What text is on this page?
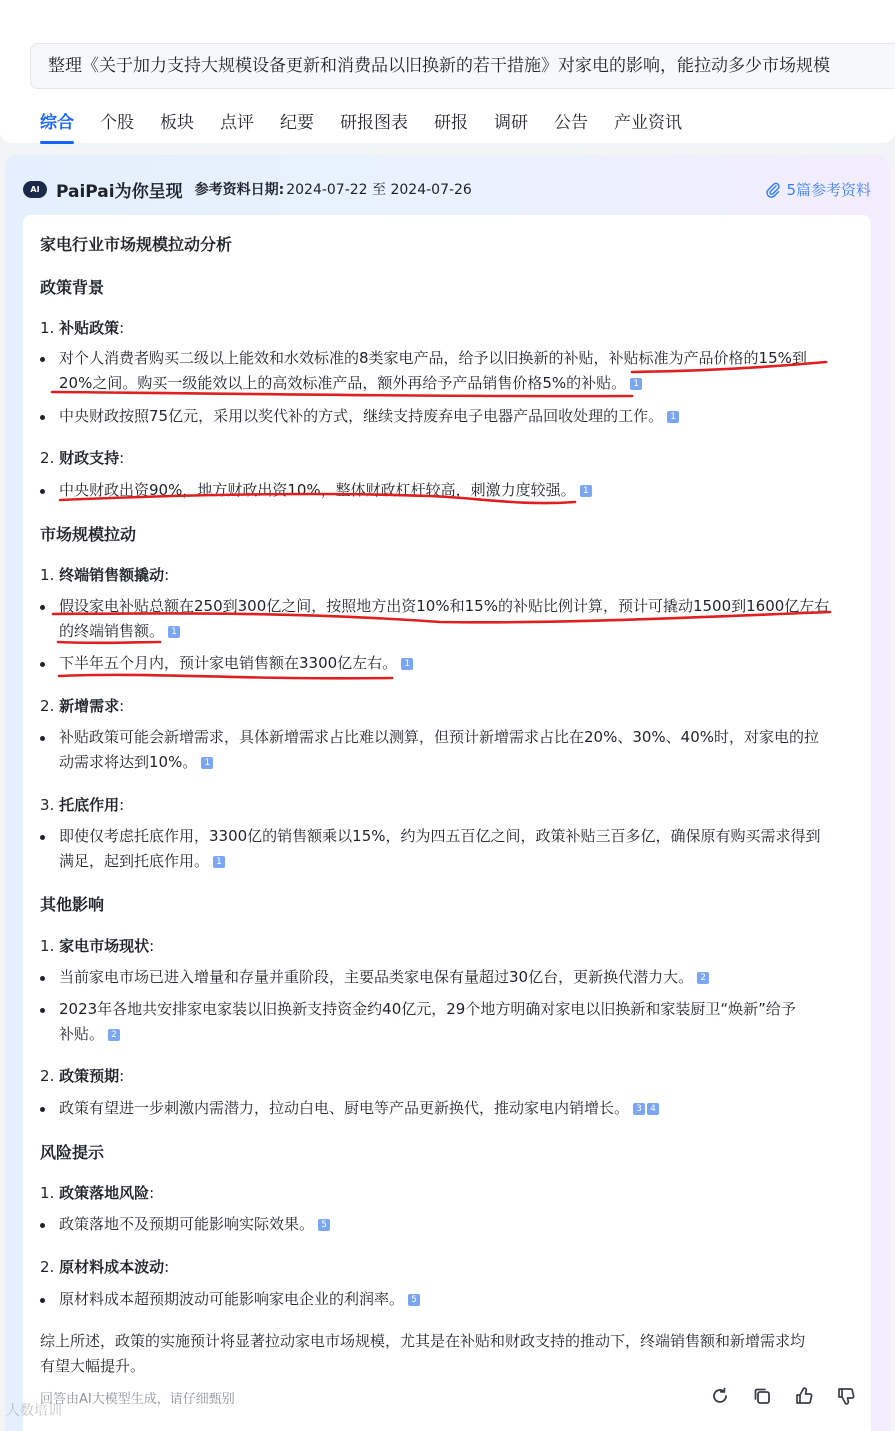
整理《关于加力支持大规模设备更新和消费品以旧换新的若干措施》对家电的影响，能拉动多少市场规模
综合 个股 板块 点评 纪要 研报图表 研报 调研 公告 产业资讯
AI PaiPai为你呈现 参考资料日期: 2024-07-22 至 2024-07-26	5篇参考资料
家电行业市场规模拉动分析
政策背景
1. 补贴政策:
对个人消费者购买二级以上能效和水效标准的8类家电产品，给予以旧换新的补贴，补贴标准为产品价格的15%到
20%之间。购买一级能效以上的高效标准产品，额外再给予产品销售价格5%的补贴。 1
中央财政按照75亿元，采用以奖代补的方式，继续支持废弃电子电器产品回收处理的工作。 1
2. 财政支持:
中央财政出资90%，地方财政出资10%，整体财政杠杆较高，刺激力度较强。 1
市场规模拉动
1. 终端销售额撬动:
假设家电补贴总额在250到300亿之间，按照地方出资10%和15%的补贴比例计算，预计可撬动1500到1600亿左右
的终端销售额。 1
下半年五个月内，预计家电销售额在3300亿左右。 1
2. 新增需求:
补贴政策可能会新增需求，具体新增需求占比难以测算，但预计新增需求占比在20%、30%、40%时，对家电的拉
动需求将达到10%。 1
3. 托底作用:
即使仅考虑托底作用，3300亿的销售额乘以15%，约为四五百亿之间，政策补贴三百多亿，确保原有购买需求得到
满足，起到托底作用。 1
其他影响
1. 家电市场现状:
当前家电市场已进入增量和存量并重阶段，主要品类家电保有量超过30亿台，更新换代潜力大。 2
2023年各地共安排家电家装以旧换新支持资金约40亿元，29个地方明确对家电以旧换新和家装厨卫“焕新”给予
补贴。 2
2. 政策预期:
政策有望进一步刺激内需潜力，拉动白电、厨电等产品更新换代，推动家电内销增长。 3 4
风险提示
1. 政策落地风险:
政策落地不及预期可能影响实际效果。 5
2. 原材料成本波动:
原材料成本超预期波动可能影响家电企业的利润率。 5
综上所述，政策的实施预计将显著拉动家电市场规模，尤其是在补贴和财政支持的推动下，终端销售额和新增需求均
有望大幅提升。
回答由AI大模型生成，请仔细甄别
人数培训
